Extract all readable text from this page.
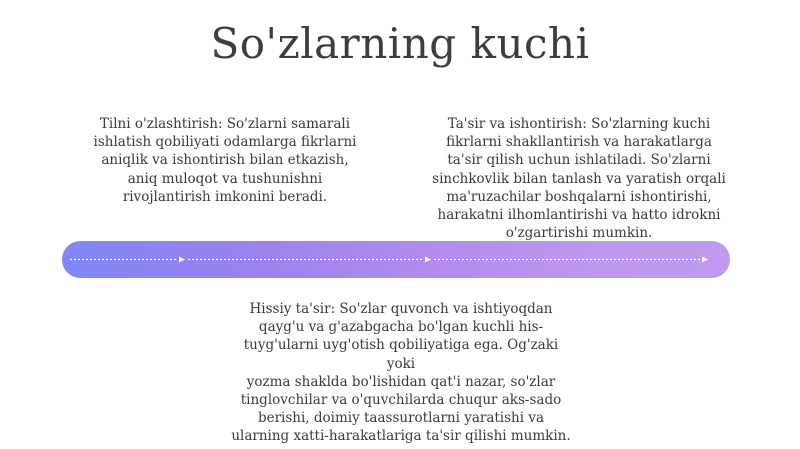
So'zlarning kuchi
Tilni o'zlashtirish: So'zlarni samarali
ishlatish qobiliyati odamlarga fikrlarni
aniqlik va ishontirish bilan etkazish,
aniq muloqot va tushunishni
rivojlantirish imkonini beradi.
Ta'sir va ishontirish: So'zlarning kuchi
fikrlarni shakllantirish va harakatlarga
ta'sir qilish uchun ishlatiladi. So'zlarni
sinchkovlik bilan tanlash va yaratish orqali
ma'ruzachilar boshqalarni ishontirishi,
harakatni ilhomlantirishi va hatto idrokni
o'zgartirishi mumkin.
Hissiy ta'sir: So'zlar quvonch va ishtiyoqdan
qayg'u va g'azabgacha bo'lgan kuchli his-
tuyg'ularni uyg'otish qobiliyatiga ega. Og'zaki yoki
yozma shaklda bo'lishidan qat'i nazar, so'zlar
tinglovchilar va o'quvchilarda chuqur aks-sado
berishi, doimiy taassurotlarni yaratishi va
ularning xatti-harakatlariga ta'sir qilishi mumkin.
